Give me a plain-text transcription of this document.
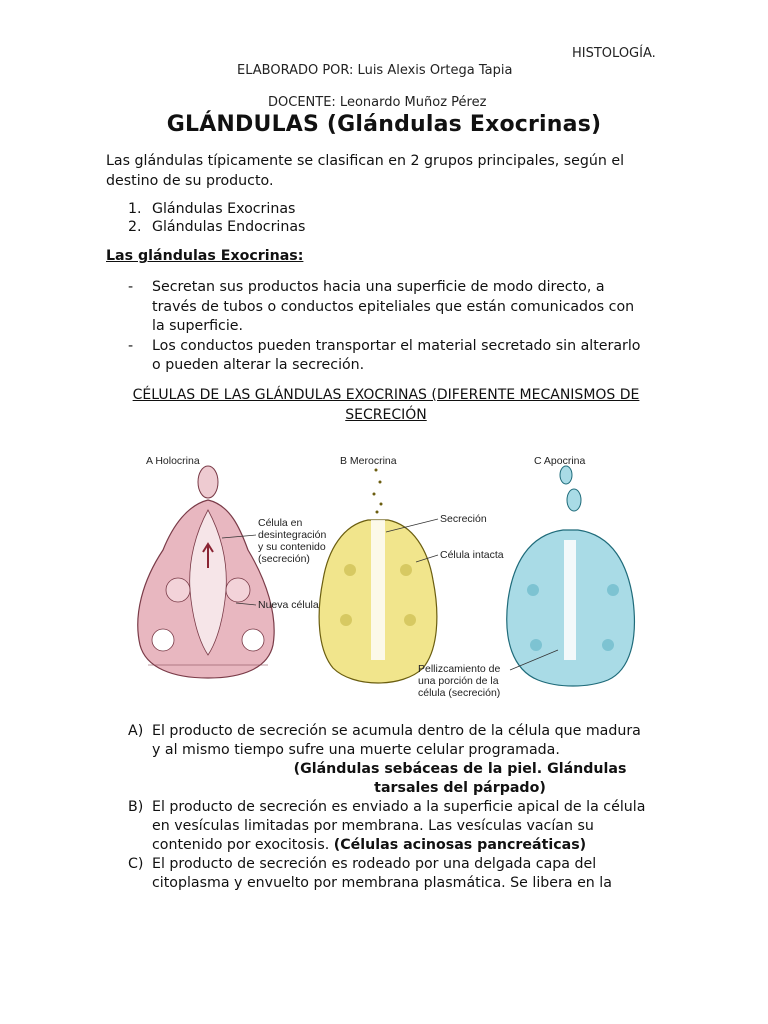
HISTOLOGÍA.
ELABORADO POR: Luis Alexis Ortega Tapia
DOCENTE: Leonardo Muñoz Pérez
GLÁNDULAS (Glándulas Exocrinas)
Las glándulas típicamente se clasifican en 2 grupos principales, según el destino de su producto.
1. Glándulas Exocrinas
2. Glándulas Endocrinas
Las glándulas Exocrinas:
-	Secretan sus productos hacia una superficie de modo directo, a través de tubos o conductos epiteliales que están comunicados con la superficie.
-	Los conductos pueden transportar el material secretado sin alterarlo o pueden alterar la secreción.
CÉLULAS DE LAS GLÁNDULAS EXOCRINAS (DIFERENTE MECANISMOS DE SECRECIÓN
A Holocrina	B Merocrina	C Apocrina
Célula en
desintegración
y su contenido
(secreción)
Nueva célula
Secreción
Célula intacta
Pellizcamiento de
una porción de la
célula (secreción)
A) El producto de secreción se acumula dentro de la célula que madura y al mismo tiempo sufre una muerte celular programada.
(Glándulas sebáceas de la piel. Glándulas tarsales del párpado)
B) El producto de secreción es enviado a la superficie apical de la célula en vesículas limitadas por membrana. Las vesículas vacían su contenido por exocitosis. (Células acinosas pancreáticas)
C) El producto de secreción es rodeado por una delgada capa del citoplasma y envuelto por membrana plasmática. Se libera en la
